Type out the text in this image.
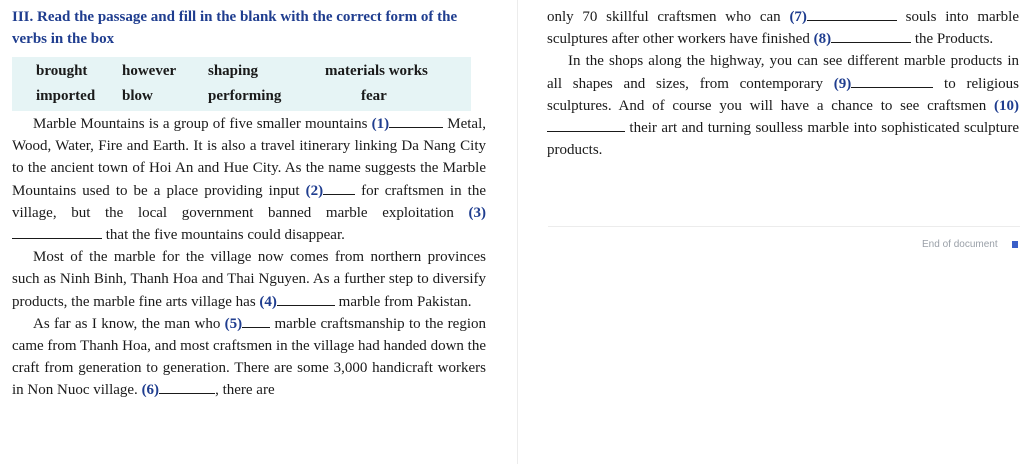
III. Read the passage and fill in the blank with the correct form of the verbs in the box
brought	however	shaping	materials works
imported	blow	performing	fear

Marble Mountains is a group of five smaller mountains (1)	Metal, Wood, Water, Fire and Earth. It is also a travel itinerary linking Da Nang City to the ancient town of Hoi An and Hue City. As the name suggests the Marble Mountains used to be a place providing input (2) for craftsmen in the village, but the local government banned marble exploitation (3) that the five mountains could disappear.

Most of the marble for the village now comes from northern provinces such as Ninh Binh, Thanh Hoa and Thai Nguyen. As a further step to diversify products, the marble fine arts village has (4)	marble from Pakistan.

As far as I know, the man who (5) marble craftsmanship to the region came from Thanh Hoa, and most craftsmen in the village had handed down the craft from generation to generation. There are some 3,000 handicraft workers in Non Nuoc village. (6)	, there are

only 70 skillful craftsmen who can (7)	souls into marble sculptures after other workers have finished (8)	the Products.

In the shops along the highway, you can see different marble products in all shapes and sizes, from contemporary (9)	to religious sculptures. And of course you will have a chance to see craftsmen (10) their art and turning soulless marble into sophisticated sculpture products.

End of document
